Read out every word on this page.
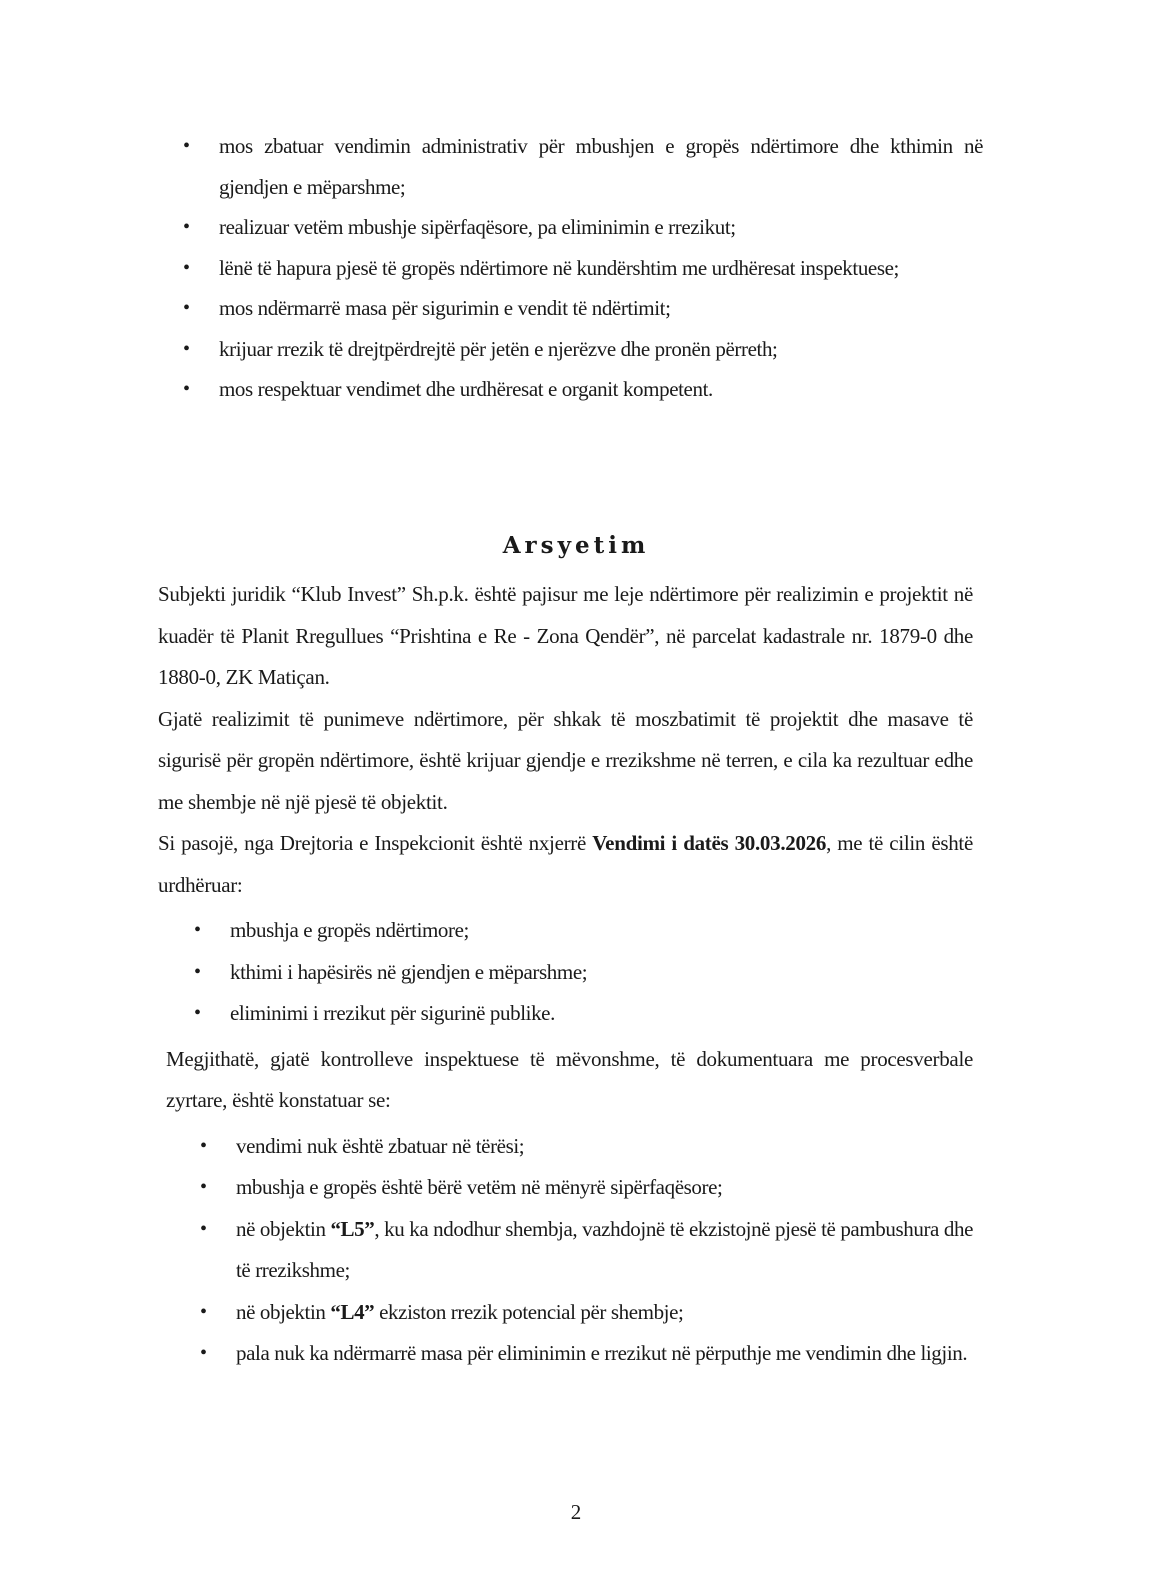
• mos zbatuar vendimin administrativ për mbushjen e gropës ndërtimore dhe kthimin në gjendjen e mëparshme;
• realizuar vetëm mbushje sipërfaqësore, pa eliminimin e rrezikut;
• lënë të hapura pjesë të gropës ndërtimore në kundërshtim me urdhëresat inspektuese;
• mos ndërmarrë masa për sigurimin e vendit të ndërtimit;
• krijuar rrezik të drejtpërdrejtë për jetën e njerëzve dhe pronën përreth;
• mos respektuar vendimet dhe urdhëresat e organit kompetent.
Arsyetim

Subjekti juridik “Klub Invest” Sh.p.k. është pajisur me leje ndërtimore për realizimin e projektit në kuadër të Planit Rregullues “Prishtina e Re - Zona Qendër”, në parcelat kadastrale nr. 1879-0 dhe 1880-0, ZK Matiçan.

Gjatë realizimit të punimeve ndërtimore, për shkak të moszbatimit të projektit dhe masave të sigurisë për gropën ndërtimore, është krijuar gjendje e rrezikshme në terren, e cila ka rezultuar edhe me shembje në një pjesë të objektit.

Si pasojë, nga Drejtoria e Inspekcionit është nxjerrë Vendimi i datës 30.03.2026, me të cilin është urdhëruar:

• mbushja e gropës ndërtimore;
• kthimi i hapësirës në gjendjen e mëparshme;
• eliminimi i rrezikut për sigurinë publike.

Megjithatë, gjatë kontrolleve inspektuese të mëvonshme, të dokumentuara me procesverbale zyrtare, është konstatuar se:

• vendimi nuk është zbatuar në tërësi;
• mbushja e gropës është bërë vetëm në mënyrë sipërfaqësore;
• në objektin “L5”, ku ka ndodhur shembja, vazhdojnë të ekzistojnë pjesë të pambushura dhe të rrezikshme;
• në objektin “L4” ekziston rrezik potencial për shembje;
• pala nuk ka ndërmarrë masa për eliminimin e rrezikut në përputhje me vendimin dhe ligjin.
2
